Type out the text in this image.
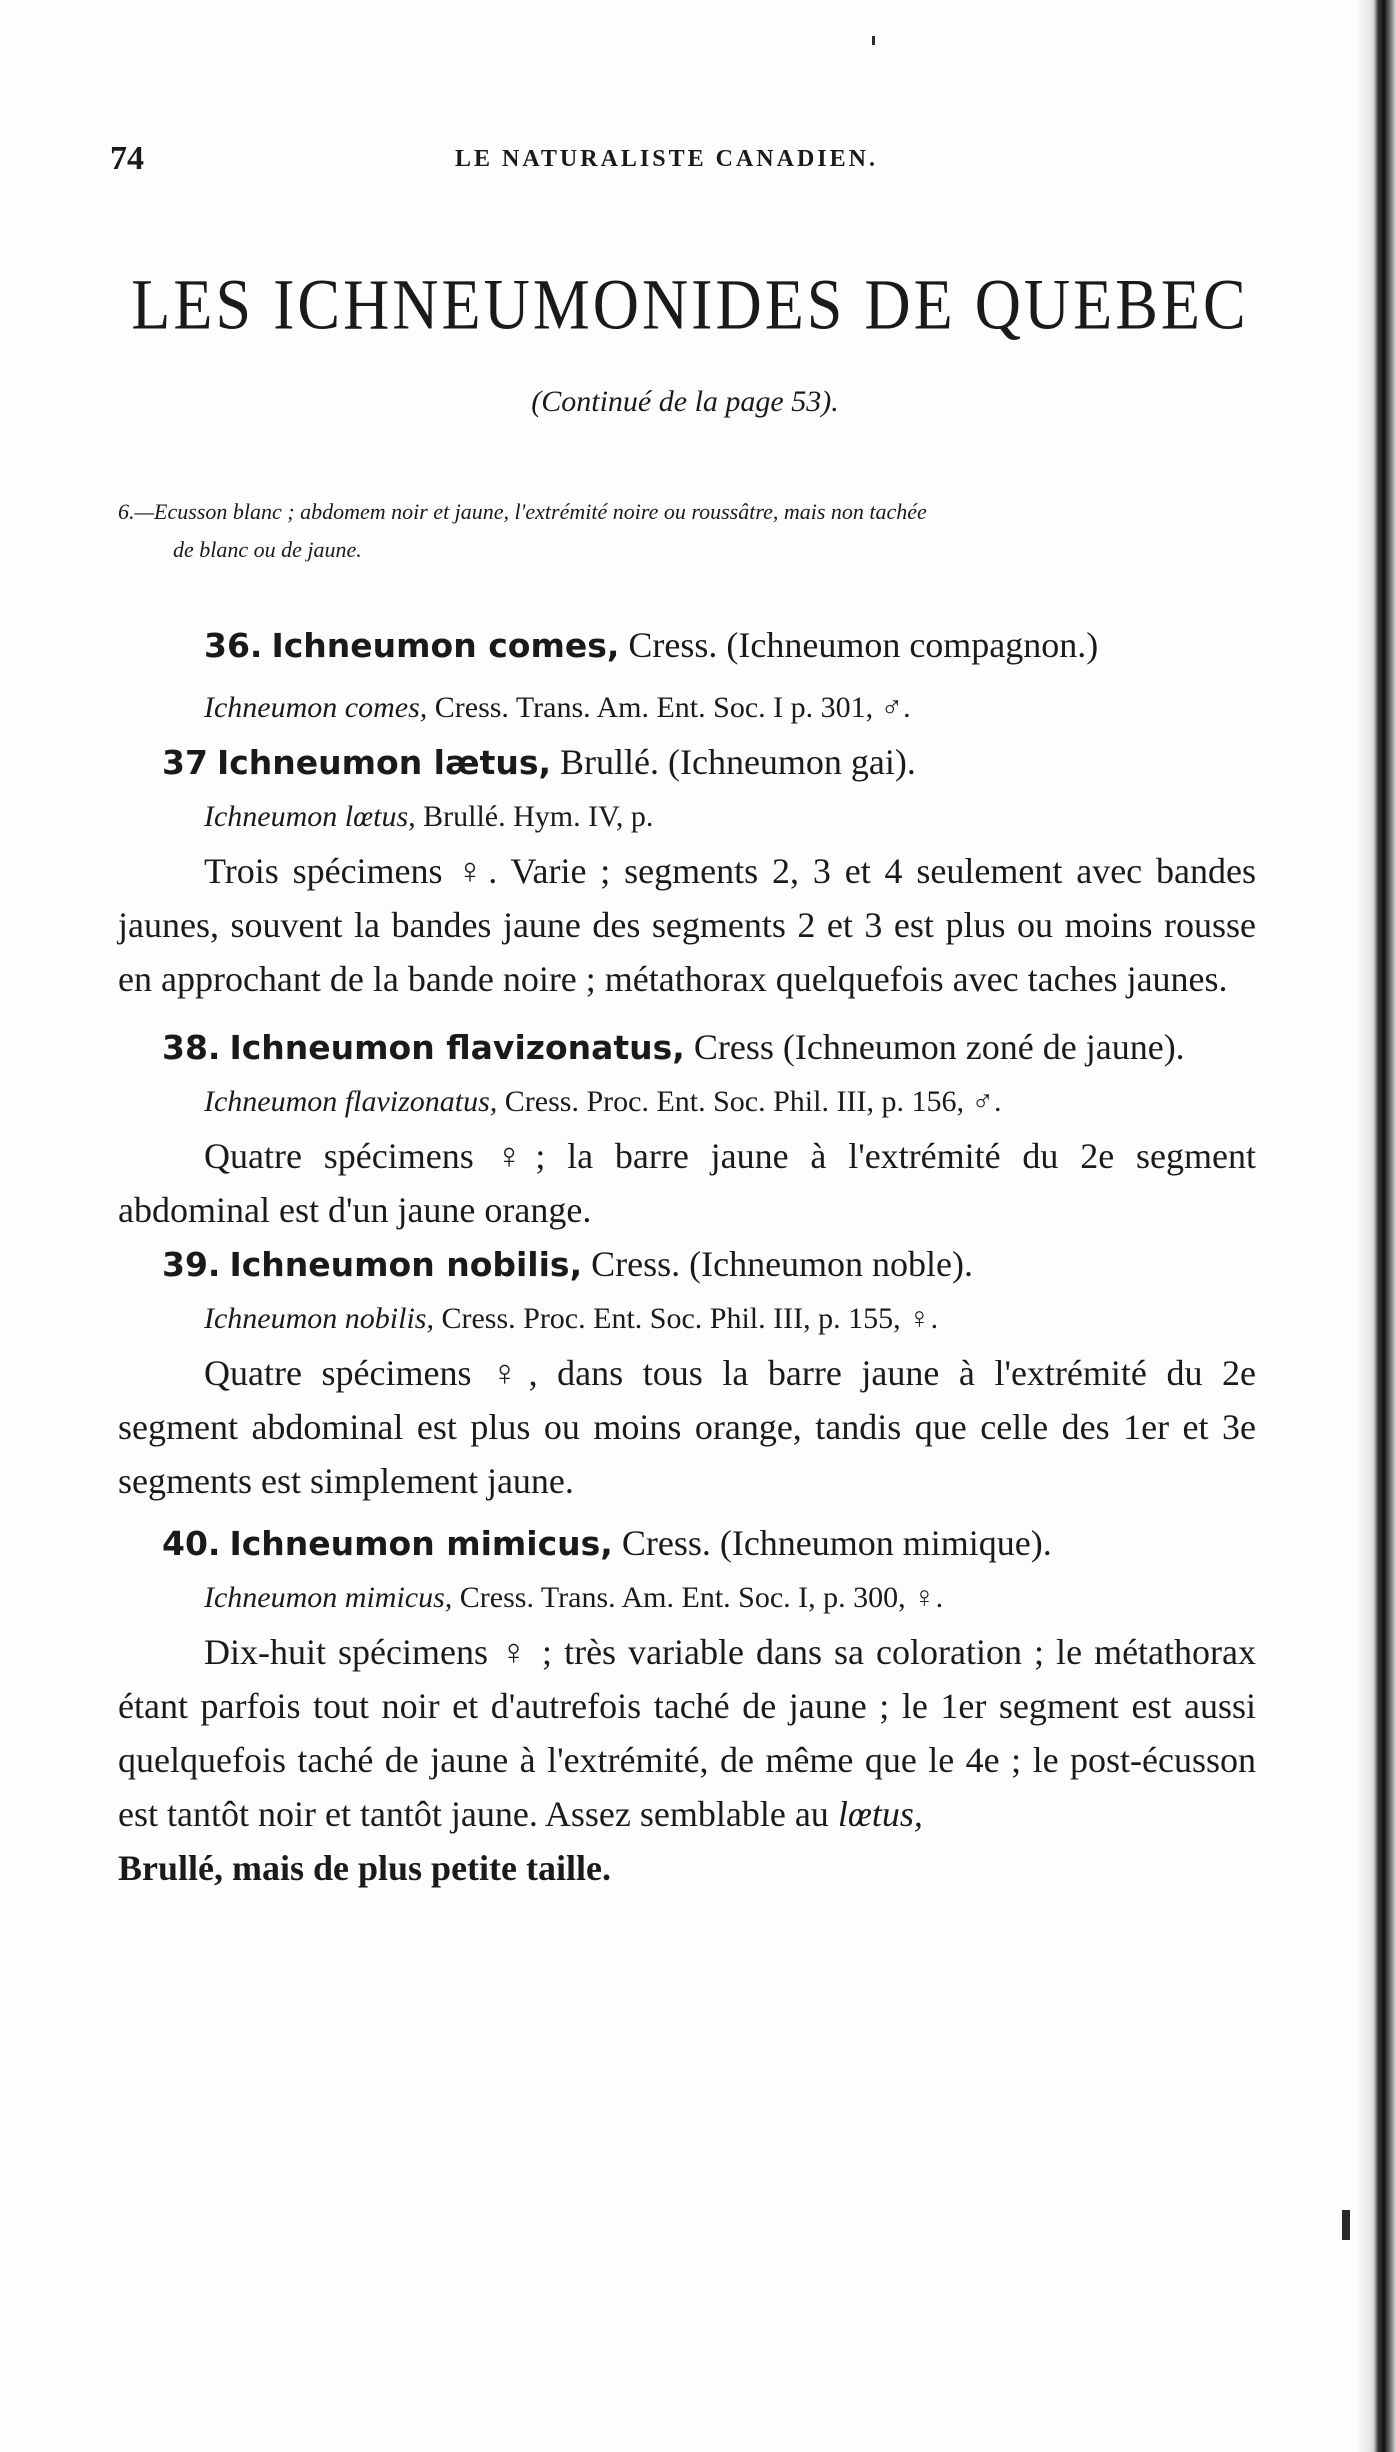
74	LE NATURALISTE CANADIEN.
LES ICHNEUMONIDES DE QUEBEC
(Continué de la page 53).
6.—Ecusson blanc ; abdomem noir et jaune, l'extrémité noire ou roussâtre, mais non tachée
de blanc ou de jaune.

36. Ichneumon comes, Cress. (Ichneumon compagnon.)

Ichneumon comes, Cress. Trans. Am. Ent. Soc. I p. 301, ♂.

37 Ichneumon lætus, Brullé. (Ichneumon gai).

Ichneumon lœtus, Brullé. Hym. IV, p.

Trois spécimens ♀. Varie ; segments 2, 3 et 4 seulement avec bandes jaunes, souvent la bandes jaune des segments 2 et 3 est plus ou moins rousse en approchant de la bande noire ; métathorax quelquefois avec taches jaunes.

38. Ichneumon flavizonatus, Cress (Ichneumon zoné de jaune).

Ichneumon flavizonatus, Cress. Proc. Ent. Soc. Phil. III, p. 156, ♂.

Quatre spécimens ♀; la barre jaune à l'extrémité du 2e segment abdominal est d'un jaune orange.

39. Ichneumon nobilis, Cress. (Ichneumon noble).

Ichneumon nobilis, Cress. Proc. Ent. Soc. Phil. III, p. 155, ♀.

Quatre spécimens ♀, dans tous la barre jaune à l'extrémité du 2e segment abdominal est plus ou moins orange, tandis que celle des 1er et 3e segments est simplement jaune.

40. Ichneumon mimicus, Cress. (Ichneumon mimique).

Ichneumon mimicus, Cress. Trans. Am. Ent. Soc. I, p. 300, ♀.

Dix-huit spécimens ♀ ; très variable dans sa coloration ; le métathorax étant parfois tout noir et d'autrefois taché de jaune ; le 1er segment est aussi quelquefois taché de jaune à l'extrémité, de même que le 4e ; le post-écusson est tantôt noir et tantôt jaune. Assez semblable au lœtus,
Brullé, mais de plus petite taille.
